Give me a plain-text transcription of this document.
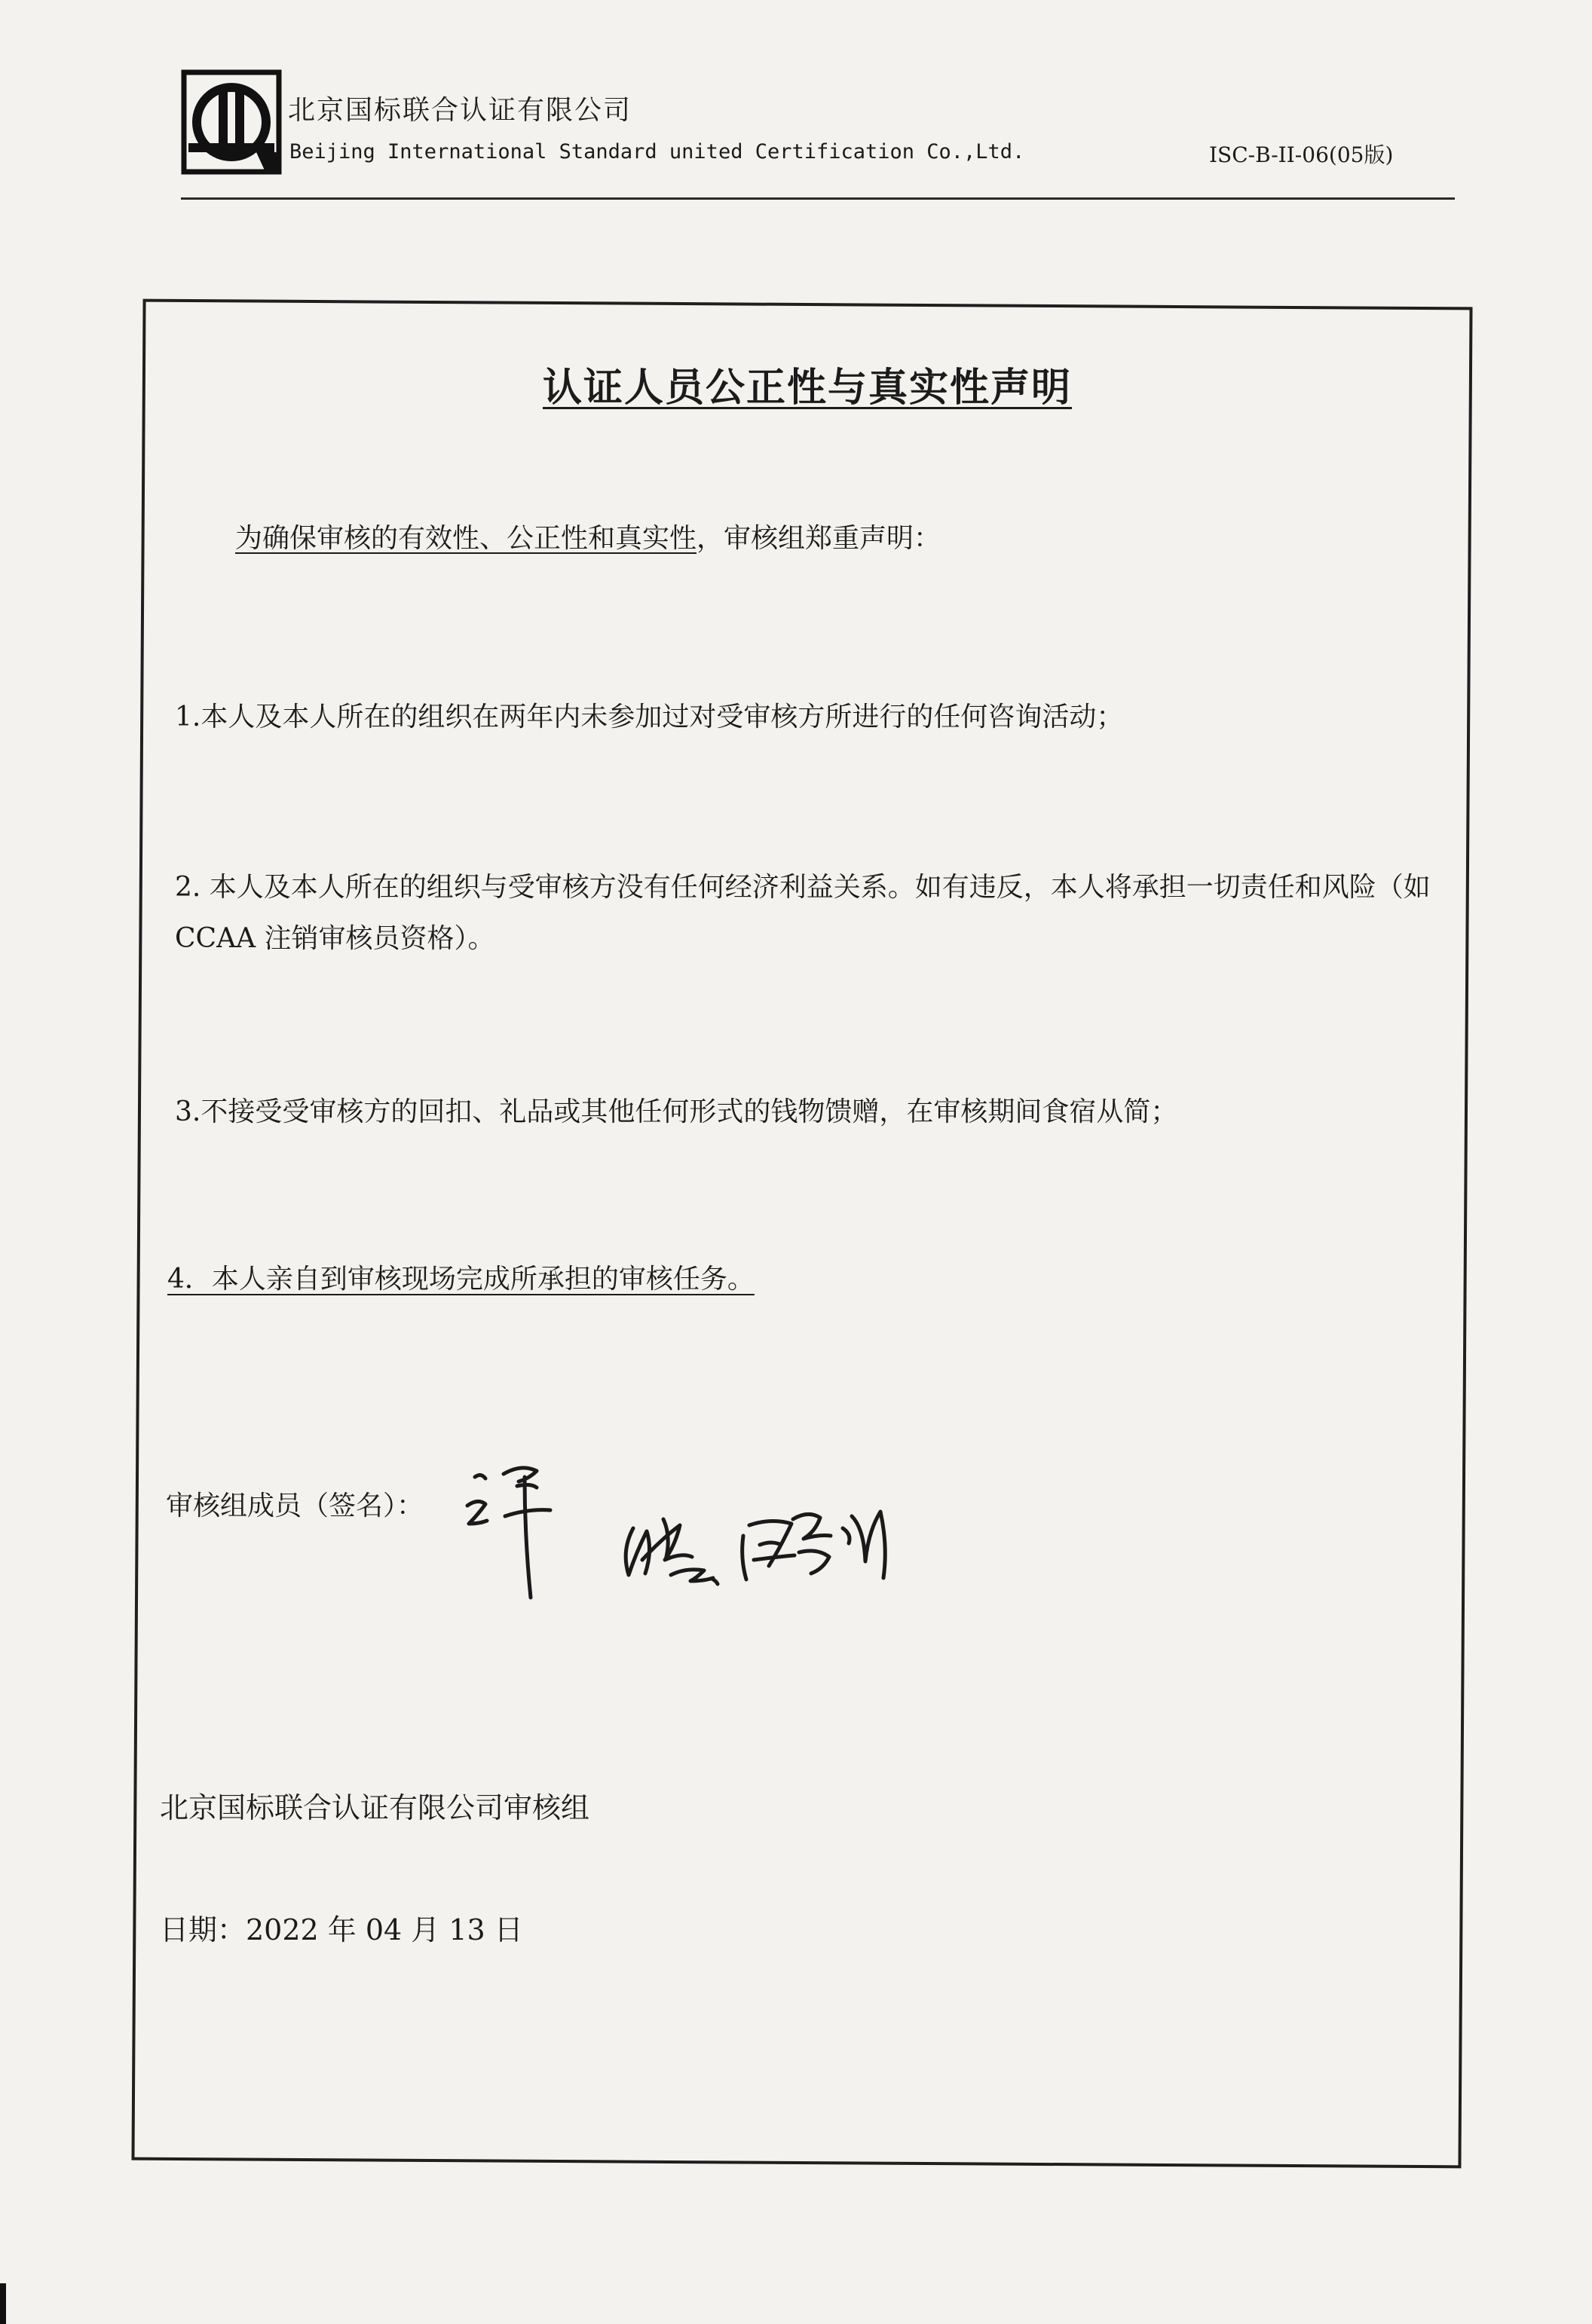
北京国标联合认证有限公司
Beijing International Standard united Certification Co.,Ltd.	ISC-B-II-06(05版)
认证人员公正性与真实性声明
为确保审核的有效性、公正性和真实性，审核组郑重声明：
1.本人及本人所在的组织在两年内未参加过对受审核方所进行的任何咨询活动；
2. 本人及本人所在的组织与受审核方没有任何经济利益关系。如有违反，本人将承担一切责任和风险（如 CCAA 注销审核员资格）。
3.不接受受审核方的回扣、礼品或其他任何形式的钱物馈赠，在审核期间食宿从简；
4．本人亲自到审核现场完成所承担的审核任务。
审核组成员（签名）：
北京国标联合认证有限公司审核组
日期：2022 年 04 月 13 日
